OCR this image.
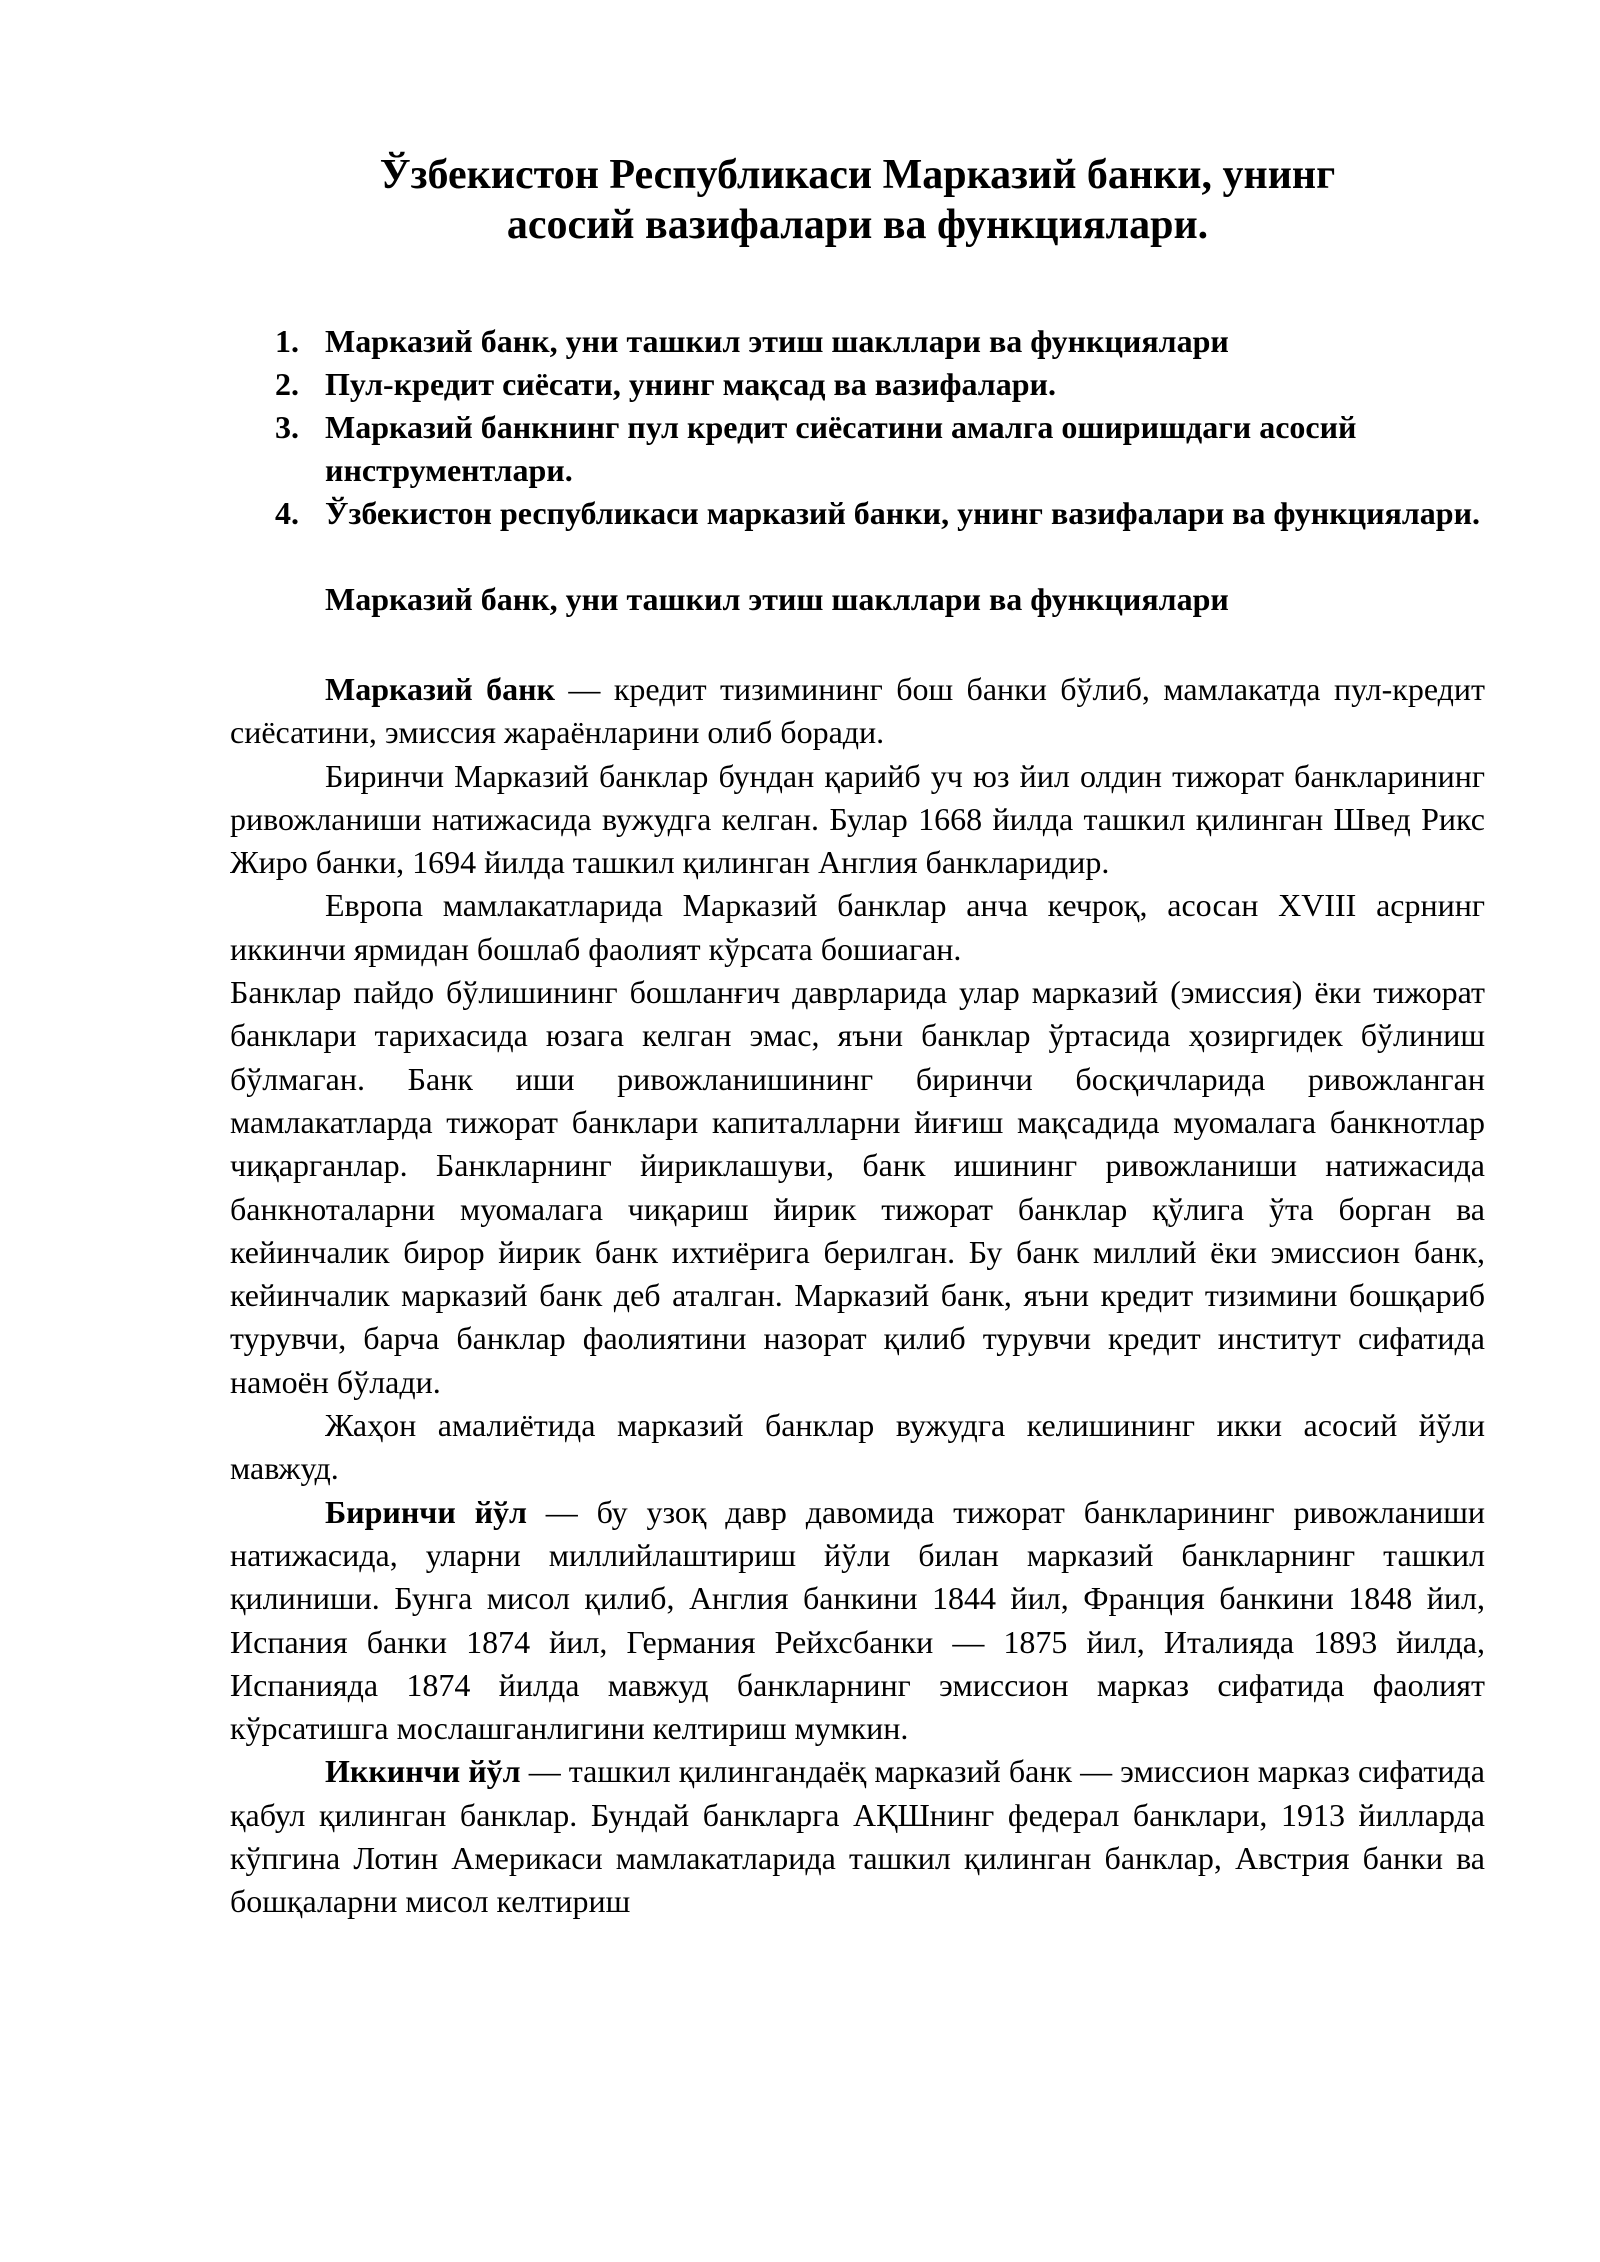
Ўзбекистон Республикаси Марказий банки, унинг
асосий вазифалари ва функциялари.
1. Марказий банк, уни ташкил этиш шакллари ва функциялари
2. Пул-кредит сиёсати, унинг мақсад ва вазифалари.
3. Марказий банкнинг пул кредит сиёсатини амалга оширишдаги асосий инструментлари.
4. Ўзбекистон республикаси марказий банки, унинг вазифалари ва функциялари.
Марказий банк, уни ташкил этиш шакллари ва функциялари

Марказий банк — кредит тизимининг бош банки бўлиб, мамлакатда пул-кредит сиёсатини, эмиссия жараёнларини олиб боради.

Биринчи Марказий банклар бундан қарийб уч юз йил олдин тижорат банкларининг ривожланиши натижасида вужудга келган. Булар 1668 йилда ташкил қилинган Швед Рикс Жиро банки, 1694 йилда ташкил қилинган Англия банкларидир.

Европа мамлакатларида Марказий банклар анча кечроқ, асосан XVIII асрнинг иккинчи ярмидан бошлаб фаолият кўрсата бошиаган.

Банклар пайдо бўлишининг бошланғич даврларида улар марказий (эмиссия) ёки тижорат банклари тарихасида юзага келган эмас, яъни банклар ўртасида ҳозиргидек бўлиниш бўлмаган. Банк иши ривожланишининг биринчи босқичларида ривожланган мамлакатларда тижорат банклари капиталларни йиғиш мақсадида муомалага банкнотлар чиқарганлар. Банкларнинг йириклашуви, банк ишининг ривожланиши натижасида банкноталарни муомалага чиқариш йирик тижорат банклар қўлига ўта борган ва кейинчалик бирор йирик банк ихтиёрига берилган. Бу банк миллий ёки эмиссион банк, кейинчалик марказий банк деб аталган. Марказий банк, яъни кредит тизимини бошқариб турувчи, барча банклар фаолиятини назорат қилиб турувчи кредит институт сифатида намоён бўлади.

Жаҳон амалиётида марказий банклар вужудга келишининг икки асосий йўли мавжуд.

Биринчи йўл — бу узоқ давр давомида тижорат банкларининг ривожланиши натижасида, уларни миллийлаштириш йўли билан марказий банкларнинг ташкил қилиниши. Бунга мисол қилиб, Англия банкини 1844 йил, Франция банкини 1848 йил, Испания банки 1874 йил, Германия Рейхсбанки — 1875 йил, Италияда 1893 йилда, Испанияда 1874 йилда мавжуд банкларнинг эмиссион марказ сифатида фаолият кўрсатишга мослашганлигини келтириш мумкин.

Иккинчи йўл — ташкил қилингандаёқ марказий банк — эмиссион марказ сифатида қабул қилинган банклар. Бундай банкларга АҚШнинг федерал банклари, 1913 йилларда кўпгина Лотин Америкаси мамлакатларида ташкил қилинган банклар, Австрия банки ва бошқаларни мисол келтириш
